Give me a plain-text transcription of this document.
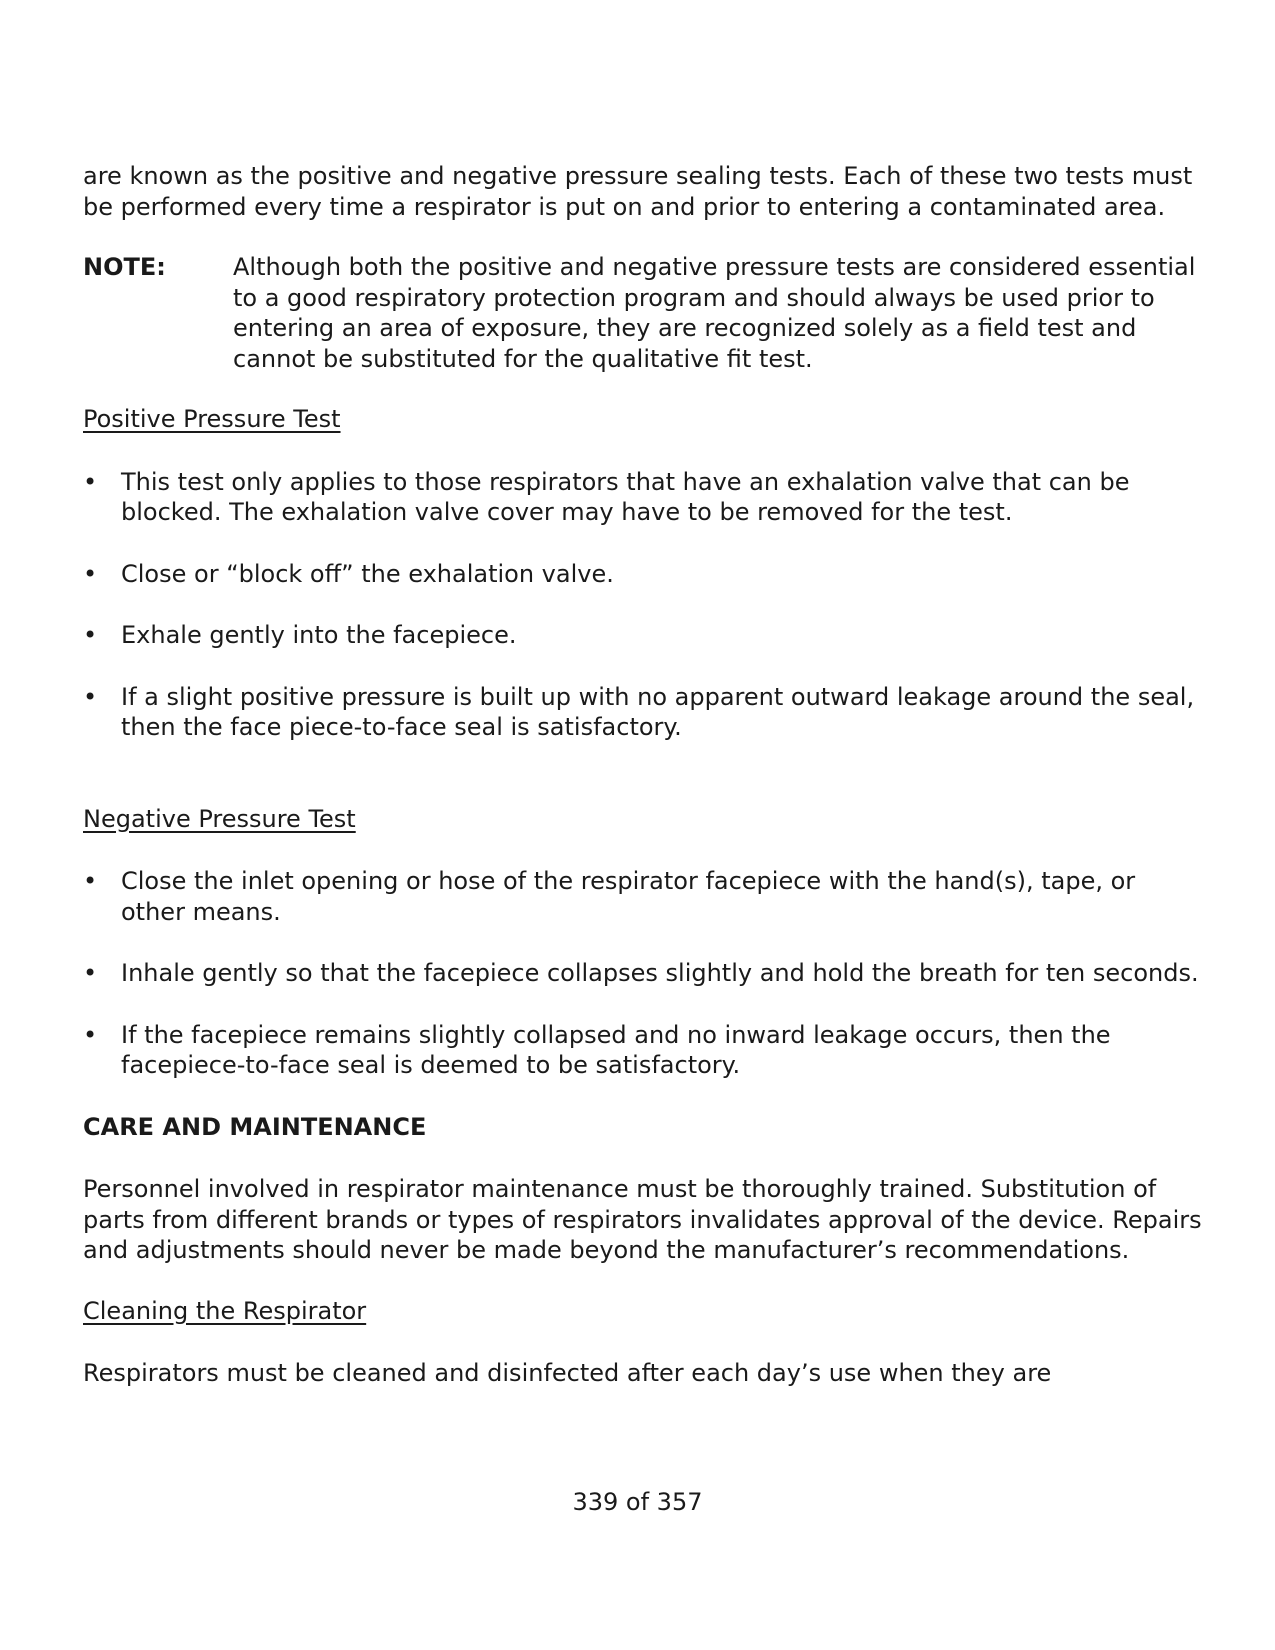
are known as the positive and negative pressure sealing tests. Each of these two tests must be performed every time a respirator is put on and prior to entering a contaminated area.

NOTE:	Although both the positive and negative pressure tests are considered essential to a good respiratory protection program and should always be used prior to entering an area of exposure, they are recognized solely as a field test and cannot be substituted for the qualitative fit test.

Positive Pressure Test

• This test only applies to those respirators that have an exhalation valve that can be blocked. The exhalation valve cover may have to be removed for the test.
• Close or “block off” the exhalation valve.
• Exhale gently into the facepiece.
• If a slight positive pressure is built up with no apparent outward leakage around the seal, then the face piece-to-face seal is satisfactory.

Negative Pressure Test

• Close the inlet opening or hose of the respirator facepiece with the hand(s), tape, or other means.
• Inhale gently so that the facepiece collapses slightly and hold the breath for ten seconds.
• If the facepiece remains slightly collapsed and no inward leakage occurs, then the facepiece-to-face seal is deemed to be satisfactory.

CARE AND MAINTENANCE

Personnel involved in respirator maintenance must be thoroughly trained. Substitution of parts from different brands or types of respirators invalidates approval of the device. Repairs and adjustments should never be made beyond the manufacturer’s recommendations.

Cleaning the Respirator

Respirators must be cleaned and disinfected after each day’s use when they are

339 of 357
